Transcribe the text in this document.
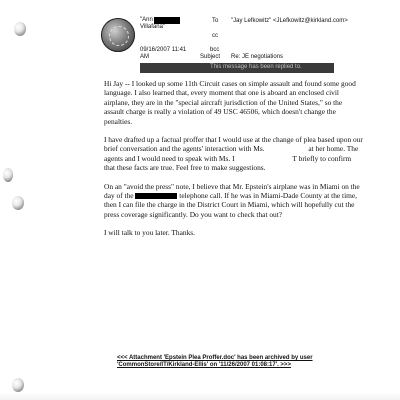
"Ann
Villafana"
09/16/2007 11:41
AM
To "Jay Lefkowitz" <JLefkowitz@kirkland.com>
cc
bcc
Subject Re: JE negotiations
This message has been replied to.

Hi Jay -- I looked up some 11th Circuit cases on simple assault and found some good language. I also learned that, every moment that one is aboard an enclosed civil airplane, they are in the "special aircraft jurisdiction of the United States," so the assault charge is really a violation of 49 USC 46506, which doesn't change the penalties.

I have drafted up a factual proffer that I would use at the change of plea based upon our brief conversation and the agents' interaction with Ms.	at her home. The agents and I would need to speak with Ms. I	T briefly to confirm that these facts are true. Feel free to make suggestions.

On an "avoid the press" note, I believe that Mr. Epstein's airplane was in Miami on the day of the	telephone call. If he was in Miami-Dade County at the time, then I can file the charge in the District Court in Miami, which will hopefully cut the press coverage significantly. Do you want to check that out?

I will talk to you later. Thanks.

<<< Attachment 'Epstein Plea Proffer.doc' has been archived by user 'CommonStore/IT/Kirkland-Ellis' on '11/26/2007 01:08:17'. >>>
